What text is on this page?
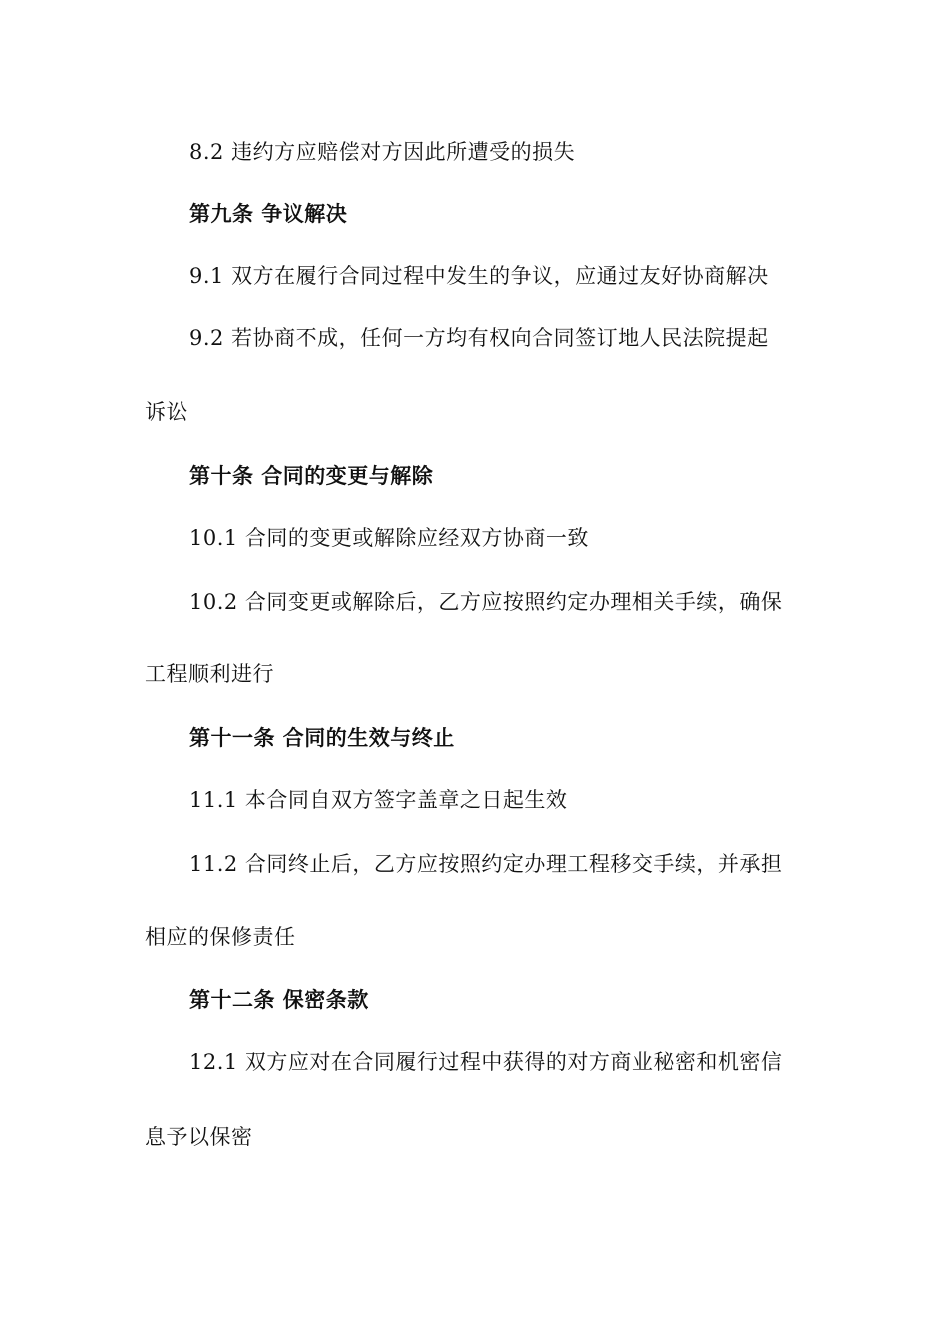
8.2 违约方应赔偿对方因此所遭受的损失
第九条 争议解决
9.1 双方在履行合同过程中发生的争议，应通过友好协商解决
9.2 若协商不成，任何一方均有权向合同签订地人民法院提起
诉讼
第十条 合同的变更与解除
10.1 合同的变更或解除应经双方协商一致
10.2 合同变更或解除后，乙方应按照约定办理相关手续，确保
工程顺利进行
第十一条 合同的生效与终止
11.1 本合同自双方签字盖章之日起生效
11.2 合同终止后，乙方应按照约定办理工程移交手续，并承担
相应的保修责任
第十二条 保密条款
12.1 双方应对在合同履行过程中获得的对方商业秘密和机密信
息予以保密
